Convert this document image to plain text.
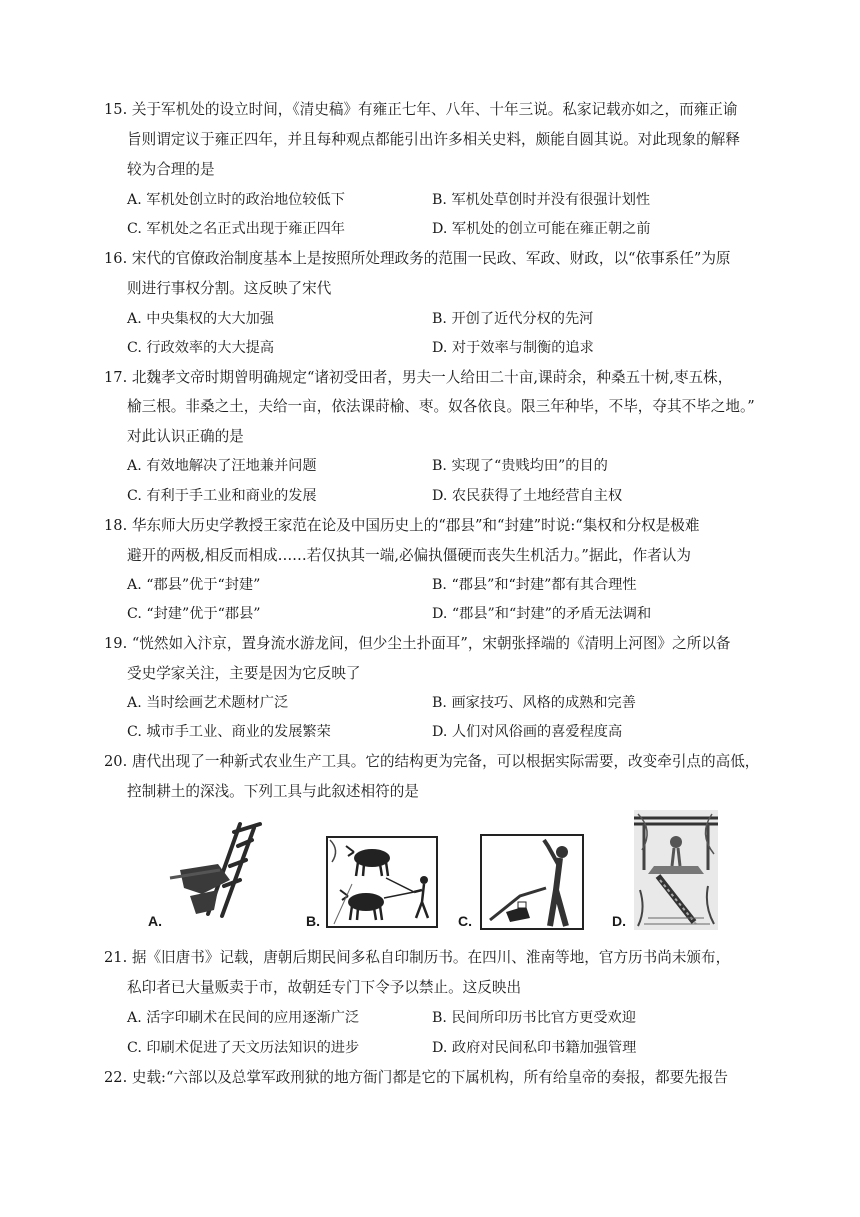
15. 关于军机处的设立时间，《清史稿》有雍正七年、八年、十年三说。私家记载亦如之，而雍正谕
旨则谓定议于雍正四年，并且每种观点都能引出许多相关史料，颇能自圆其说。对此现象的解释
较为合理的是
A. 军机处创立时的政治地位较低下	B. 军机处草创时并没有很强计划性
C. 军机处之名正式出现于雍正四年	D. 军机处的创立可能在雍正朝之前
16. 宋代的官僚政治制度基本上是按照所处理政务的范围一民政、军政、财政，以“依事系任”为原
则进行事权分割。这反映了宋代
A. 中央集权的大大加强	B. 开创了近代分权的先河
C. 行政效率的大大提高	D. 对于效率与制衡的追求
17. 北魏孝文帝时期曾明确规定“诸初受田者，男夫一人给田二十亩,课莳余，种桑五十树,枣五株，
榆三根。非桑之土，夫给一亩，依法课莳榆、枣。奴各依良。限三年种毕，不毕，夺其不毕之地。”
对此认识正确的是
A. 有效地解决了汪地兼并问题	B. 实现了“贵贱均田”的目的
C. 有利于手工业和商业的发展	D. 农民获得了土地经营自主权
18. 华东师大历史学教授王家范在论及中国历史上的“郡县”和“封建”时说:“集权和分权是极难
避开的两极,相反而相成……若仅执其一端,必偏执僵硬而丧失生机活力。”据此，作者认为
A. “郡县”优于“封建”	B. “郡县”和“封建”都有其合理性
C. “封建”优于“郡县”	D. “郡县”和“封建”的矛盾无法调和
19. “恍然如入汴京，置身流水游龙间，但少尘土扑面耳”，宋朝张择端的《清明上河图》之所以备
受史学家关注，主要是因为它反映了
A. 当时绘画艺术题材广泛	B. 画家技巧、风格的成熟和完善
C. 城市手工业、商业的发展繁荣	D. 人们对风俗画的喜爱程度高
20. 唐代出现了一种新式农业生产工具。它的结构更为完备，可以根据实际需要，改变牵引点的高低，
控制耕土的深浅。下列工具与此叙述相符的是
A.	B.	C.	D.
21. 据《旧唐书》记载，唐朝后期民间多私自印制历书。在四川、淮南等地，官方历书尚未颁布，
私印者已大量贩卖于市，故朝廷专门下令予以禁止。这反映出
A. 活字印刷术在民间的应用逐渐广泛	B. 民间所印历书比官方更受欢迎
C. 印刷术促进了天文历法知识的进步	D. 政府对民间私印书籍加强管理
22. 史载:“六部以及总掌军政刑狱的地方衙门都是它的下属机构，所有给皇帝的奏报，都要先报告
